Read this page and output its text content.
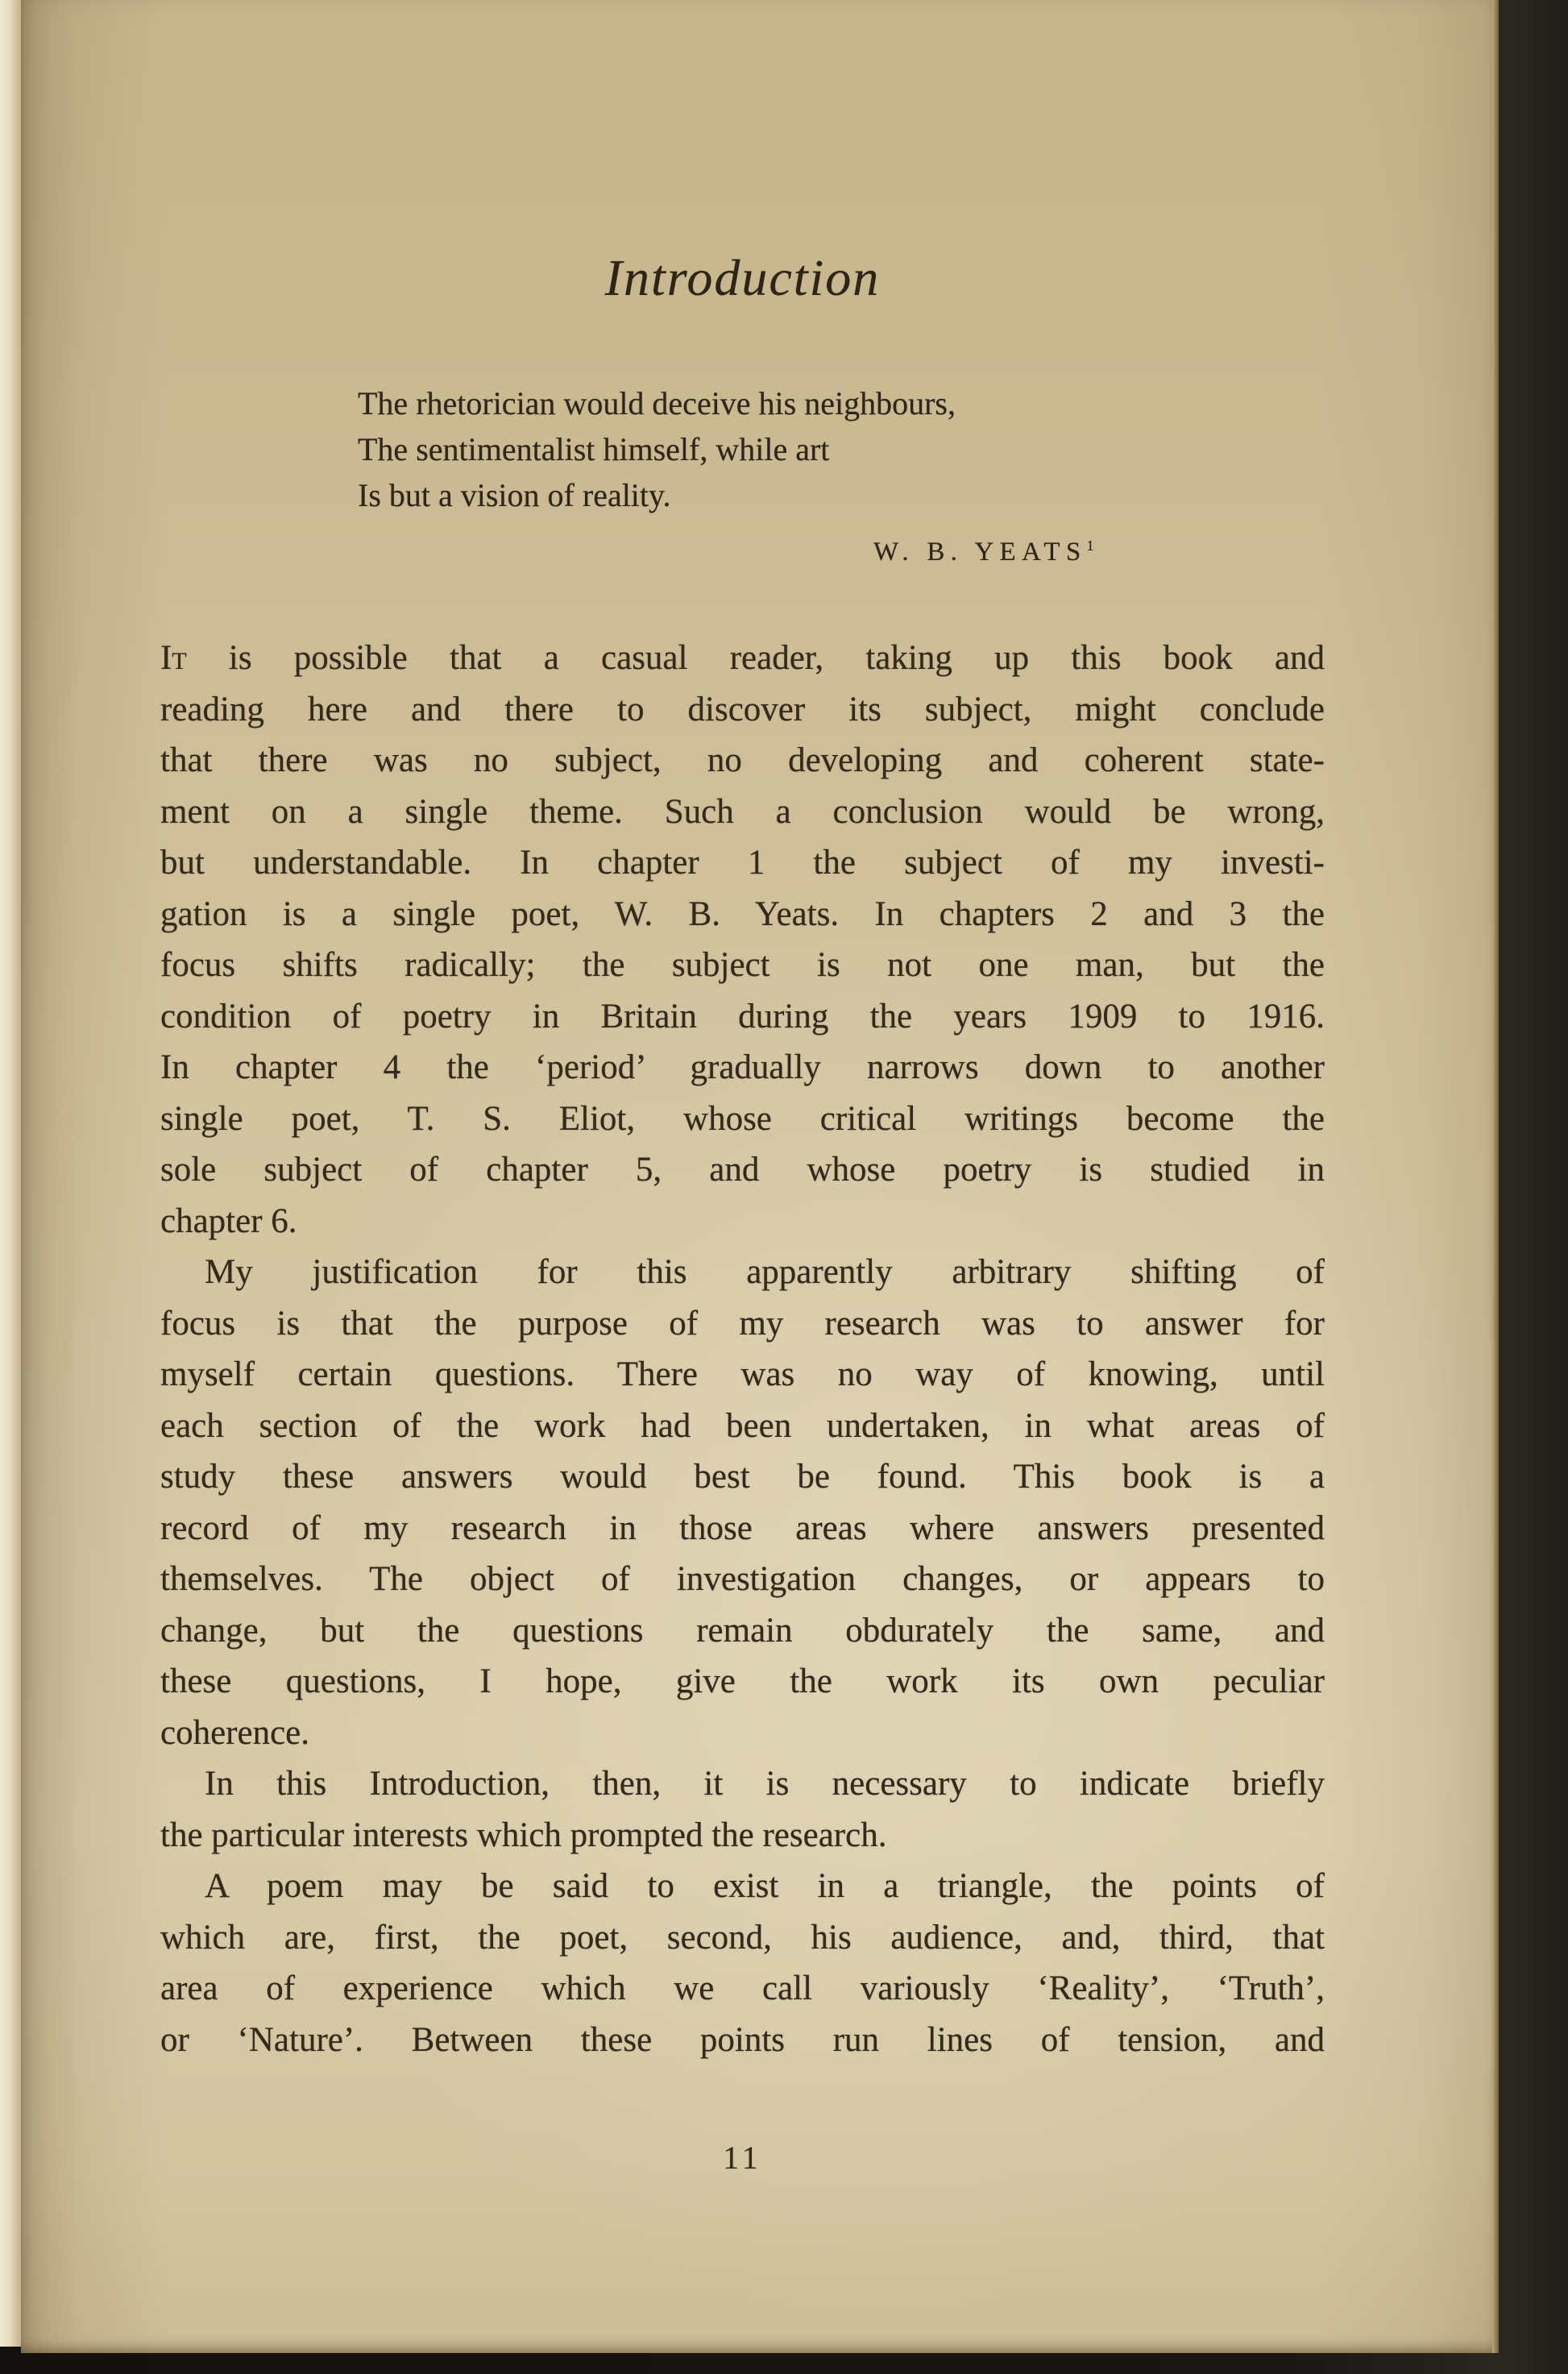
Introduction
The rhetorician would deceive his neighbours,
The sentimentalist himself, while art
Is but a vision of reality.
W. B. YEATS$^1$
It is possible that a casual reader, taking up this book and
reading here and there to discover its subject, might conclude
that there was no subject, no developing and coherent state-
ment on a single theme. Such a conclusion would be wrong,
but understandable. In chapter 1 the subject of my investi-
gation is a single poet, W. B. Yeats. In chapters 2 and 3 the
focus shifts radically; the subject is not one man, but the
condition of poetry in Britain during the years 1909 to 1916.
In chapter 4 the ‘period’ gradually narrows down to another
single poet, T. S. Eliot, whose critical writings become the
sole subject of chapter 5, and whose poetry is studied in
chapter 6.
My justification for this apparently arbitrary shifting of
focus is that the purpose of my research was to answer for
myself certain questions. There was no way of knowing, until
each section of the work had been undertaken, in what areas of
study these answers would best be found. This book is a
record of my research in those areas where answers presented
themselves. The object of investigation changes, or appears to
change, but the questions remain obdurately the same, and
these questions, I hope, give the work its own peculiar
coherence.
In this Introduction, then, it is necessary to indicate briefly
the particular interests which prompted the research.
A poem may be said to exist in a triangle, the points of
which are, first, the poet, second, his audience, and, third, that
area of experience which we call variously ‘Reality’, ‘Truth’,
or ‘Nature’. Between these points run lines of tension, and
11
